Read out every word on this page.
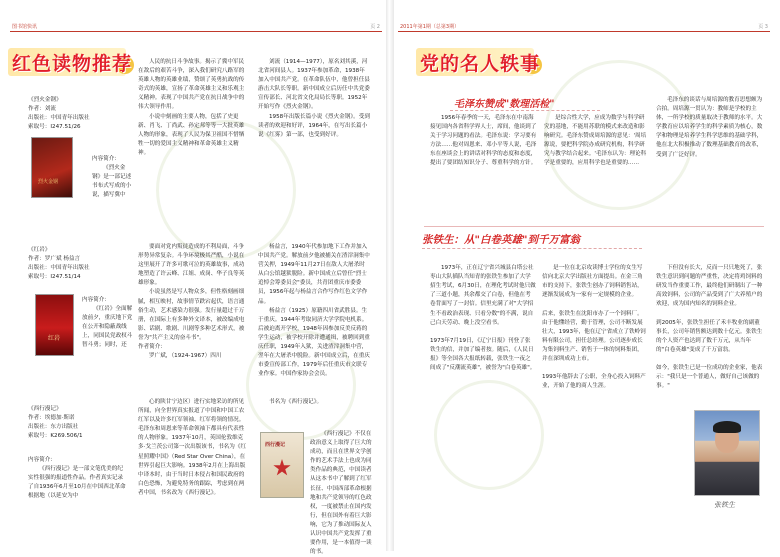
图书馆快讯	页 2
红色读物推荐
《烈火金钢》
作者：刘流
出版社：中国青年出版社
索取号：I247.51/26
烈火金钢
内容简介：

《烈火金钢》是一部记述书布式写成的小说，描写冀中

《红岩》
作者：罗广斌 杨益言
出版社：中国青年出版社
索取号：I247.51/14
红岩
内容简介：

《红岩》全面解放前夕，重庆地下党在公开和隐蔽战线上，同国民党政权斗智斗勇；同时，还

《西行漫记》
作者：埃德加·斯诺
出版社：东方出版社
索取号：K269.506/1
内容简介：

《西行漫记》是一部文笔优美的纪实性很强的报道性作品。作者真实记录了自1936年6月至10月在中国西北革命根据地（以延安为中

人民的抗日斗争故事。揭示了冀中军民在敌后的艰苦斗争，深入我们研究八路军的英雄人物的英雄业绩，赞颂了英勇抗战的传奇式的英雄，宣扬了革命英雄主义和乐观主义精神。表现了中国共产党在抗日战争中的伟大领导作用。

小说中刻画的主要人物，包括了史更新、肖飞、丁尚武、孙定邦等等一大批英雄人物的形象，表现了人民为保卫祖国不惜牺牲一切的爱国主义精神和革命英雄主义精神。

要面对党内叛徒造成的不利局面，斗争形势异常复杂。斗争环境极其严酷，小说在这里展开了许多可歌可泣的英雄故事，成功地塑造了许云峰、江姐、成岗、华子良等英雄形象。

小说虽然是写人物众多，但性格刻画细腻，相互映衬，故事情节跌宕起伏，语言通俗生动，艺术感染力很强。发行量超过千万册，在国际上有多种外文译本，被改编成电影、话剧、歌剧、川剧等多种艺术形式，被誉为"共产主义的奋斗书"。

作者简介：

罗广斌，（1924-1967）四川

心的陕甘宁边区）进行实地采访的所见所闻，向全世界真实报道了中国和中国工农红军以及许多红军领袖、红军将领的情况。毛泽东和周恩来等革命领袖下都具有代表性的人物形象。1937年10月，英国伦敦维克多·戈兰茨公司第一次出版该书，书名为《红星照耀中国》（Red Star Over China），在世界引起巨大影响。1938年2月在上海出版中译本时，由于当时日本侵占和国民政府的白色恐怖，为避免特务的跟踪，考虑到在两者中国，书名改为《西行漫记》。

刘流（1914—1977），原名刘其溪，河北省河间县人。1937年参加革命，1938年加入中国共产党。在革命队伍中，他曾担任县游击大队长等职。新中国成立后历任中共党委宣传部长、河北省文化局局长等职。1952年开始写作《烈火金钢》。

1958年出版长篇小说《烈火金钢》。受到读者的欢迎和好评，1964年，在写出长篇小说《红雾》第一部，也受到好评。

杨益言，1940年代参加地下工作并加入中国共产党。解放前夕他被捕关在渣滓洞集中营关押，1949年11月27日在敌人大屠杀时从白公馆越狱脱险。新中国成立后曾任"烈士追悼会筹委员会"委员，共青团重庆市委委员，1956年起与杨益言合作写作红色文学作品。

杨益言（1925）原籍四川省武胜县。生于重庆。1944年考取同济大学学院电机系。后被迫离开学校，1948年因参加反美反蒋的学生运动，被学校开除并遭通缉，被聘回到重庆任职，1949年入狱，关进渣滓洞集中营，翌年在大屠杀中脱险。新中国成立后，在重庆市委宣传部工作，1979年后任重庆市文联专业作家。中国作家协会会员。

书名为《西行漫记》。

西行漫记

《西行漫记》不仅在政治意义上取得了巨大的成功，而且在世界文学创作的艺术手法上也成为同类作品的典范，中国读者从这本书中了解到了红军长征、中国西部革命根据地和共产党领导的红色政权，一度被禁止在国内发行，但在国外有着巨大影响，它为了推动国际友人认识中国共产党发挥了重要作用，是一本值得一读的书。

2011年第1期（总第3期）	页 3
党的名人轶事
毛泽东赞成"数理活检"

1956年春季的一天，毛泽东在中南海接见国内各省科学界人士，席间，他谈到了关于学习问题的看法。毛泽东说：学习要有方法……他对周恩来、邓小平等人说，毛泽东在座谈会上的讲话对科学的态度和态度，提出了要团结知识分子、尊重科学的方针。

是综合性大学，应成为数学与科学研究的基地，不能用苏联的模式来改造和影响研究。毛泽东赞成周培源的意见：'周培源说，要把科学院办成研究机构，科学研究与教学结合起来。'毛泽东认为：理论科学是重要的，应用科学也是重要的……

毛泽东的谈话与周培源的教育思想颇为合拍。周培源一贯认为：教师是学校的主体，一所学校的质量取决于教师的水平。大学教育应以培养学生的科学素质为核心，数学和物理是培养学生科学思维的基础学科，他在北大积极推动了数理基础教育的改革，受到了广泛好评。

张铁生：从"白卷英雄"到千万富翁

1973年，正在辽宁省兴城县白塔公社枣山大队插队当知青的张铁生参加了大学招生考试，6月30日，在理化考试时他只做了三道小题，其余都交了白卷，但他在考卷背面写了一封信。信里充满了对"大学招生不看政治表现、只看分数"的不满，说自己白天劳动、晚上没空看书。

1973年7月19日，《辽宁日报》刊登了张铁生的信，并加了编者按。随后，《人民日报》等全国各大报纸转载，张铁生一夜之间成了"反潮流英雄"，被誉为"白卷英雄"。

是一位在北京攻读博士学位的女生写信向北京大学出版社方面提出。在金三角市的支持下，张铁生创办了饲料销售站，逐渐发展成为一家有一定规模的企业。

后来，张铁生在沈阳市办了一个饲料厂。由于他懂经营，勤于管理，公司不断发展壮大，1993年，他在辽宁省成立了铁岭饲料有限公司，担任总经理。公司逐步成长为集饲料生产、销售于一体的饲料集团，并在深圳成功上市。

1993年他辞去了公职，全身心投入饲料产业，开始了他的商人生涯。

下但没有长大，反而一只只地死了，张铁生意识到问题的严重性，决定将鸡饲料的研发当作重要工作，最终他们研制出了一种高效饲料，公司的产品受到了广大养殖户的欢迎，成为国内知名的饲料企业。

到2005年，张铁生担任了禾丰牧业的副董事长，公司年销售额达到数十亿元。张铁生的个人资产也达到了数千万元，从当年的"白卷英雄"变成了千万富翁。

如今，张铁生已是一位成功的企业家，他表示："我只是一个普通人，做好自己该做的事。"

张铁生
